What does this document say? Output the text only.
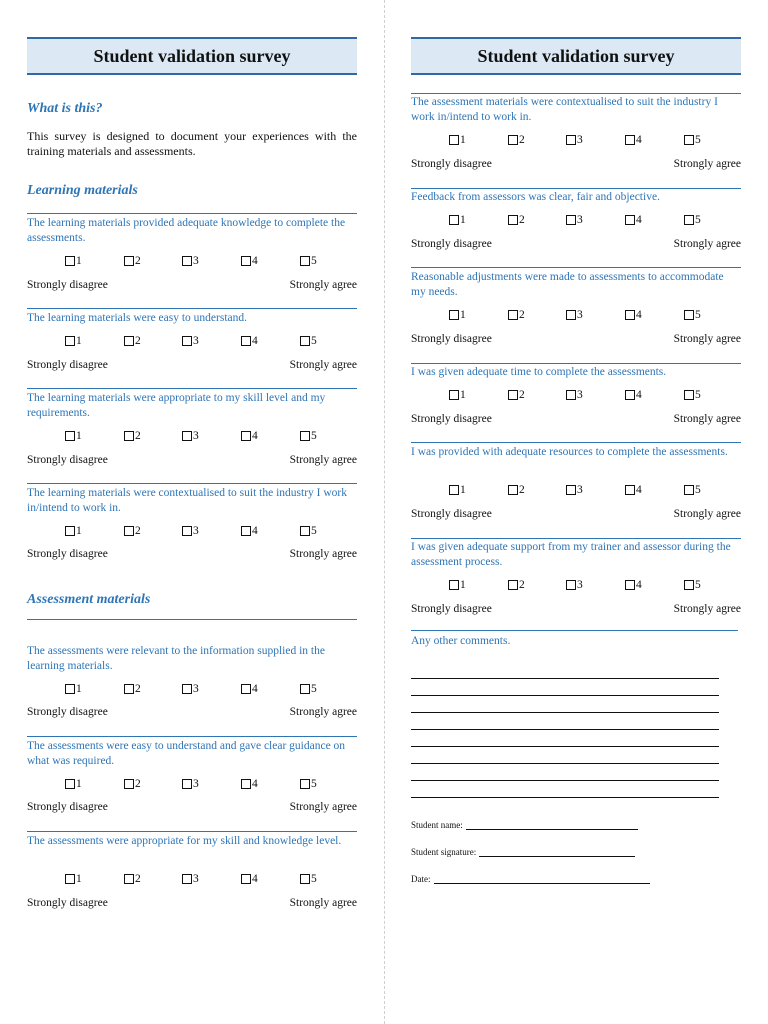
Student validation survey
What is this?
This survey is designed to document your experiences with the training materials and assessments.
Learning materials
The learning materials provided adequate knowledge to complete the assessments.
1	2	3	4	5
Strongly disagree	Strongly agree
The learning materials were easy to understand.
1	2	3	4	5
Strongly disagree	Strongly agree
The learning materials were appropriate to my skill level and my requirements.
1	2	3	4	5
Strongly disagree	Strongly agree
The learning materials were contextualised to suit the industry I work in/intend to work in.
1	2	3	4	5
Strongly disagree	Strongly agree
Assessment materials
The assessments were relevant to the information supplied in the learning materials.
1	2	3	4	5
Strongly disagree	Strongly agree
The assessments were easy to understand and gave clear guidance on what was required.
1	2	3	4	5
Strongly disagree	Strongly agree
The assessments were appropriate for my skill and knowledge level.
1	2	3	4	5
Strongly disagree	Strongly agree
Student validation survey
The assessment materials were contextualised to suit the industry I work in/intend to work in.
1	2	3	4	5
Strongly disagree	Strongly agree
Feedback from assessors was clear, fair and objective.
1	2	3	4	5
Strongly disagree	Strongly agree
Reasonable adjustments were made to assessments to accommodate my needs.
1	2	3	4	5
Strongly disagree	Strongly agree
I was given adequate time to complete the assessments.
1	2	3	4	5
Strongly disagree	Strongly agree
I was provided with adequate resources to complete the assessments.
1	2	3	4	5
Strongly disagree	Strongly agree
I was given adequate support from my trainer and assessor during the assessment process.
1	2	3	4	5
Strongly disagree	Strongly agree
Any other comments.
Student name:
Student signature:
Date:
